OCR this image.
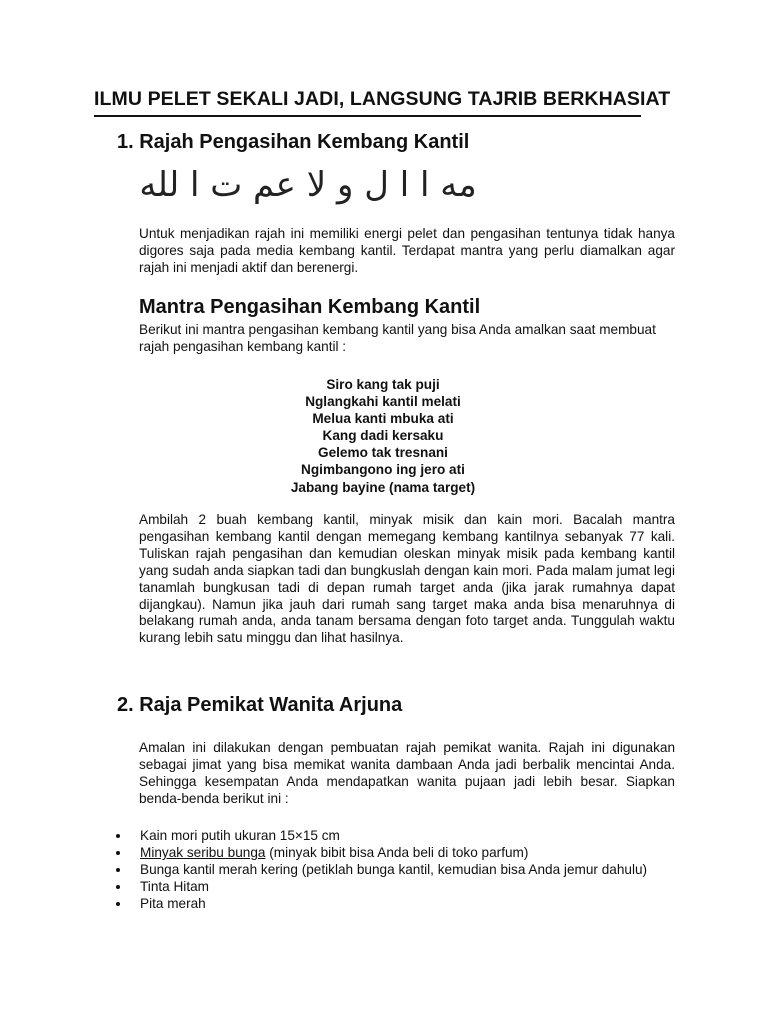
ILMU PELET SEKALI JADI, LANGSUNG TAJRIB BERKHASIAT
1. Rajah Pengasihan Kembang Kantil
مه ا ا ل و لا عم ت ا لله

Untuk menjadikan rajah ini memiliki energi pelet dan pengasihan tentunya tidak hanya digores saja pada media kembang kantil. Terdapat mantra yang perlu diamalkan agar rajah ini menjadi aktif dan berenergi.

Mantra Pengasihan Kembang Kantil

Berikut ini mantra pengasihan kembang kantil yang bisa Anda amalkan saat membuat rajah pengasihan kembang kantil :

Siro kang tak puji
Nglangkahi kantil melati
Melua kanti mbuka ati
Kang dadi kersaku
Gelemo tak tresnani
Ngimbangono ing jero ati
Jabang bayine (nama target)

Ambilah 2 buah kembang kantil, minyak misik dan kain mori. Bacalah mantra pengasihan kembang kantil dengan memegang kembang kantilnya sebanyak 77 kali. Tuliskan rajah pengasihan dan kemudian oleskan minyak misik pada kembang kantil yang sudah anda siapkan tadi dan bungkuslah dengan kain mori. Pada malam jumat legi tanamlah bungkusan tadi di depan rumah target anda (jika jarak rumahnya dapat dijangkau). Namun jika jauh dari rumah sang target maka anda bisa menaruhnya di belakang rumah anda, anda tanam bersama dengan foto target anda. Tunggulah waktu kurang lebih satu minggu dan lihat hasilnya.

2. Raja Pemikat Wanita Arjuna

Amalan ini dilakukan dengan pembuatan rajah pemikat wanita. Rajah ini digunakan sebagai jimat yang bisa memikat wanita dambaan Anda jadi berbalik mencintai Anda. Sehingga kesempatan Anda mendapatkan wanita pujaan jadi lebih besar. Siapkan benda-benda berikut ini :

Kain mori putih ukuran 15×15 cm
Minyak seribu bunga (minyak bibit bisa Anda beli di toko parfum)
Bunga kantil merah kering (petiklah bunga kantil, kemudian bisa Anda jemur dahulu)
Tinta Hitam
Pita merah
